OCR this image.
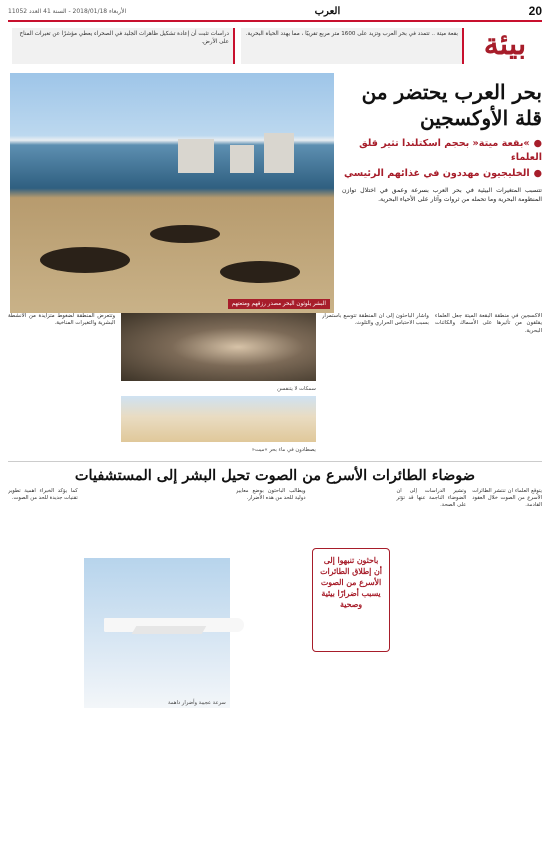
20
العرب
الأربعاء 2018/01/18 - السنة 41 العدد 11052
بيئة
بقعة ميتة .. تتمدد في بحر العرب وتزيد على 1600 متر مربع تقريبًا ، مما يهدد الحياة البحرية.
دراسات تثبت أن إعادة تشكيل ظاهرات الجليد في الصحراء يعطي مؤشرًا عن تغيرات المناخ على الأرض.
بحر العرب يحتضر من قلة الأوكسجين
●»بقعة ميتة« بحجم اسكتلندا تثير قلق العلماء
●الخليجيون مهددون في غذائهم الرئيسي
تتسبب المتغيرات البيئية في بحر العرب بسرعة وعمق في اختلال توازن المنظومة البحرية وما تحمله من ثروات وآثار على الأحياء البحرية.
البشر يلوثون البحر مصدر رزقهم ومتعتهم
الاكسجين في منطقة البقعة الميتة جعل العلماء يقلقون من تأثيرها على الأسماك والكائنات البحرية.
وأشار الباحثون إلى أن المنطقة تتوسع باستمرار بسبب الاحتباس الحراري والتلوث.
سمكات لا يتنفسن
يصطادون في ماء بحر »ميت«
وتتعرض المنطقة لضغوط متزايدة من الأنشطة البشرية والتغيرات المناخية.
ضوضاء الطائرات الأسرع من الصوت تحيل البشر إلى المستشفيات
يتوقع العلماء أن تنتشر الطائرات الأسرع من الصوت خلال العقود القادمة.
وتشير الدراسات إلى أن الضوضاء الناجمة عنها قد تؤثر على الصحة.
باحثون تنبهوا إلى أن إطلاق الطائرات الأسرع من الصوت يسبب أضرارًا بيئية وصحية
ويطالب الباحثون بوضع معايير دولية للحد من هذه الأضرار.
سرعة عجيبة وأضرار داهمة
كما يؤكد الخبراء أهمية تطوير تقنيات جديدة للحد من الصوت.
